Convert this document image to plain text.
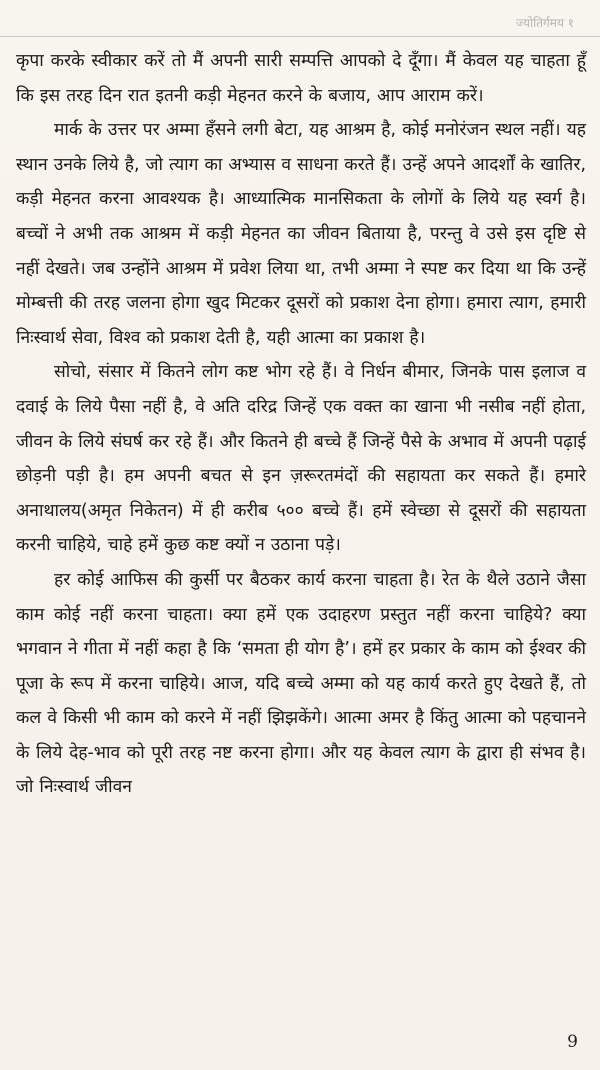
ज्योतिर्गमय १

कृपा करके स्वीकार करें तो मैं अपनी सारी सम्पत्ति आपको दे दूँगा। मैं केवल यह चाहता हूँ कि इस तरह दिन रात इतनी कड़ी मेहनत करने के बजाय, आप आराम करें।

मार्क के उत्तर पर अम्मा हँसने लगी बेटा, यह आश्रम है, कोई मनोरंजन स्थल नहीं। यह स्थान उनके लिये है, जो त्याग का अभ्यास व साधना करते हैं। उन्हें अपने आदर्शों के खातिर, कड़ी मेहनत करना आवश्यक है। आध्यात्मिक मानसिकता के लोगों के लिये यह स्वर्ग है। बच्चों ने अभी तक आश्रम में कड़ी मेहनत का जीवन बिताया है, परन्तु वे उसे इस दृष्टि से नहीं देखते। जब उन्होंने आश्रम में प्रवेश लिया था, तभी अम्मा ने स्पष्ट कर दिया था कि उन्हें मोम्बत्ती की तरह जलना होगा खुद मिटकर दूसरों को प्रकाश देना होगा। हमारा त्याग, हमारी निःस्वार्थ सेवा, विश्व को प्रकाश देती है, यही आत्मा का प्रकाश है।

सोचो, संसार में कितने लोग कष्ट भोग रहे हैं। वे निर्धन बीमार, जिनके पास इलाज व दवाई के लिये पैसा नहीं है, वे अति दरिद्र जिन्हें एक वक्त का खाना भी नसीब नहीं होता, जीवन के लिये संघर्ष कर रहे हैं। और कितने ही बच्चे हैं जिन्हें पैसे के अभाव में अपनी पढ़ाई छोड़नी पड़ी है। हम अपनी बचत से इन ज़रूरतमंदों की सहायता कर सकते हैं। हमारे अनाथालय(अमृत निकेतन) में ही करीब ५०० बच्चे हैं। हमें स्वेच्छा से दूसरों की सहायता करनी चाहिये, चाहे हमें कुछ कष्ट क्यों न उठाना पड़े।

हर कोई आफिस की कुर्सी पर बैठकर कार्य करना चाहता है। रेत के थैले उठाने जैसा काम कोई नहीं करना चाहता। क्या हमें एक उदाहरण प्रस्तुत नहीं करना चाहिये? क्या भगवान ने गीता में नहीं कहा है कि ‘समता ही योग है’। हमें हर प्रकार के काम को ईश्वर की पूजा के रूप में करना चाहिये। आज, यदि बच्चे अम्मा को यह कार्य करते हुए देखते हैं, तो कल वे किसी भी काम को करने में नहीं झिझकेंगे। आत्मा अमर है किंतु आत्मा को पहचानने के लिये देह-भाव को पूरी तरह नष्ट करना होगा। और यह केवल त्याग के द्वारा ही संभव है। जो निःस्वार्थ जीवन

9
